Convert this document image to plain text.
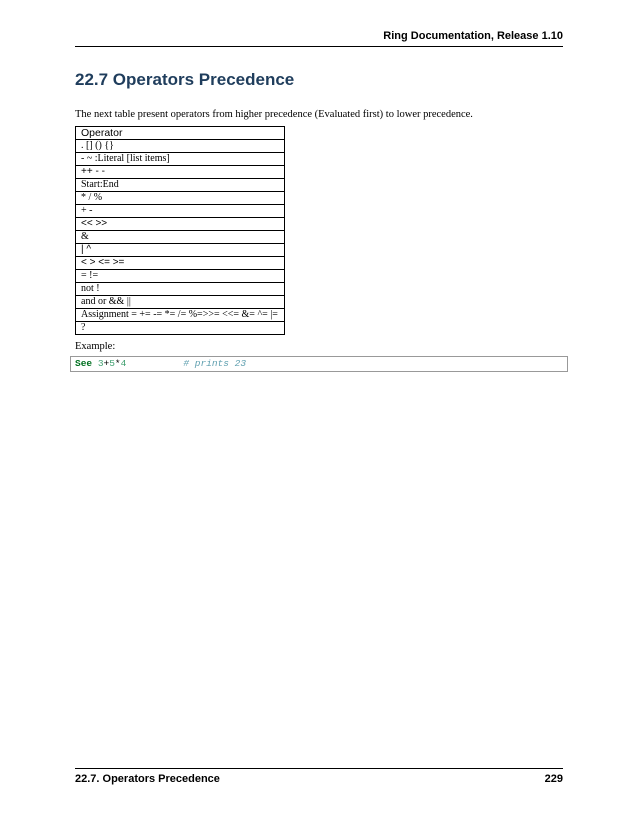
Ring Documentation, Release 1.10
22.7 Operators Precedence

The next table present operators from higher precedence (Evaluated first) to lower precedence.

Operator
. [] () {}
- ~ :Literal [list items]
++ - -
Start:End
* / %
+ -
<< >>
&
| ^
< > <= >=
= !=
not !
and or && ||
Assignment = += -= *= /= %=>>= <<= &= ^= |=
?

Example:

See 3+5*4	# prints 23
22.7. Operators Precedence	229
